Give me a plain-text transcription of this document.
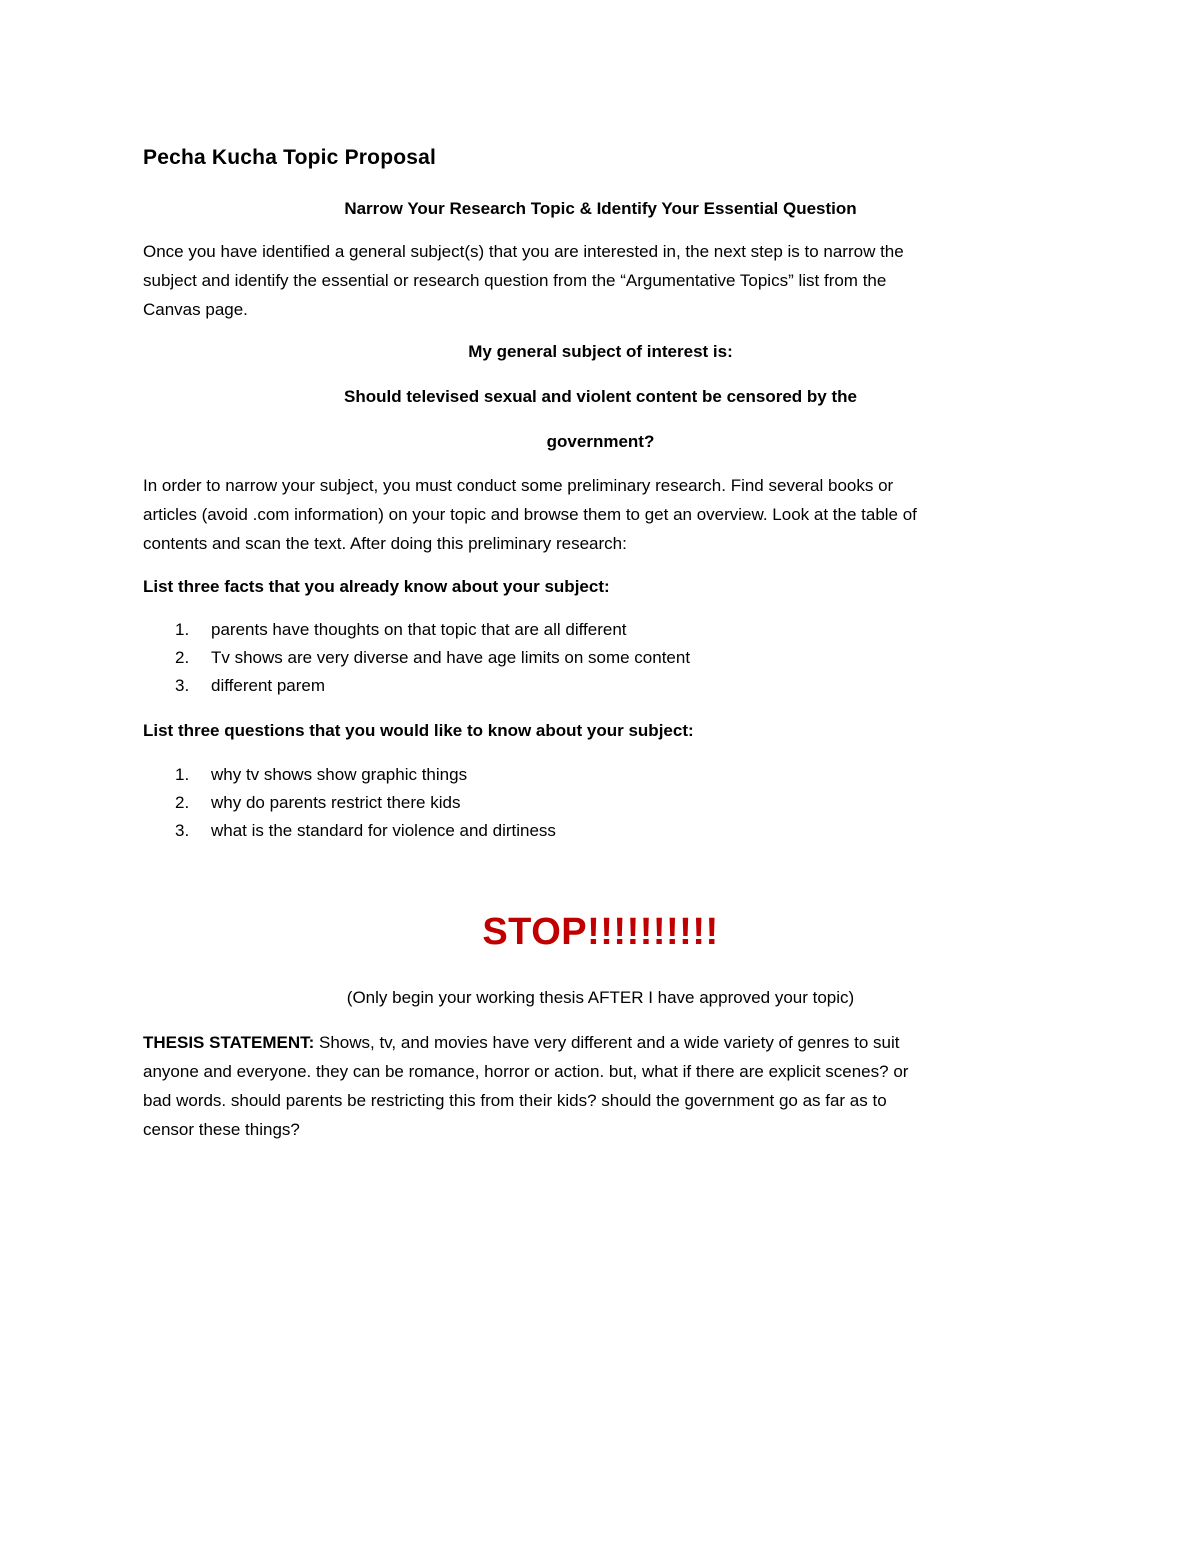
Pecha Kucha Topic Proposal
Narrow Your Research Topic & Identify Your Essential Question
Once you have identified a general subject(s) that you are interested in, the next step is to narrow the
subject and identify the essential or research question from the “Argumentative Topics” list from the
Canvas page.
My general subject of interest is:
Should televised sexual and violent content be censored by the
government?
In order to narrow your subject, you must conduct some preliminary research. Find several books or
articles (avoid .com information) on your topic and browse them to get an overview. Look at the table of
contents and scan the text. After doing this preliminary research:
List three facts that you already know about your subject:
1. parents have thoughts on that topic that are all different
2. Tv shows are very diverse and have age limits on some content
3. different parem
List three questions that you would like to know about your subject:
1. why tv shows show graphic things
2. why do parents restrict there kids
3. what is the standard for violence and dirtiness
STOP!!!!!!!!!!
(Only begin your working thesis AFTER I have approved your topic)
THESIS STATEMENT: Shows, tv, and movies have very different and a wide variety of genres to suit
anyone and everyone. they can be romance, horror or action. but, what if there are explicit scenes? or
bad words. should parents be restricting this from their kids? should the government go as far as to
censor these things?
